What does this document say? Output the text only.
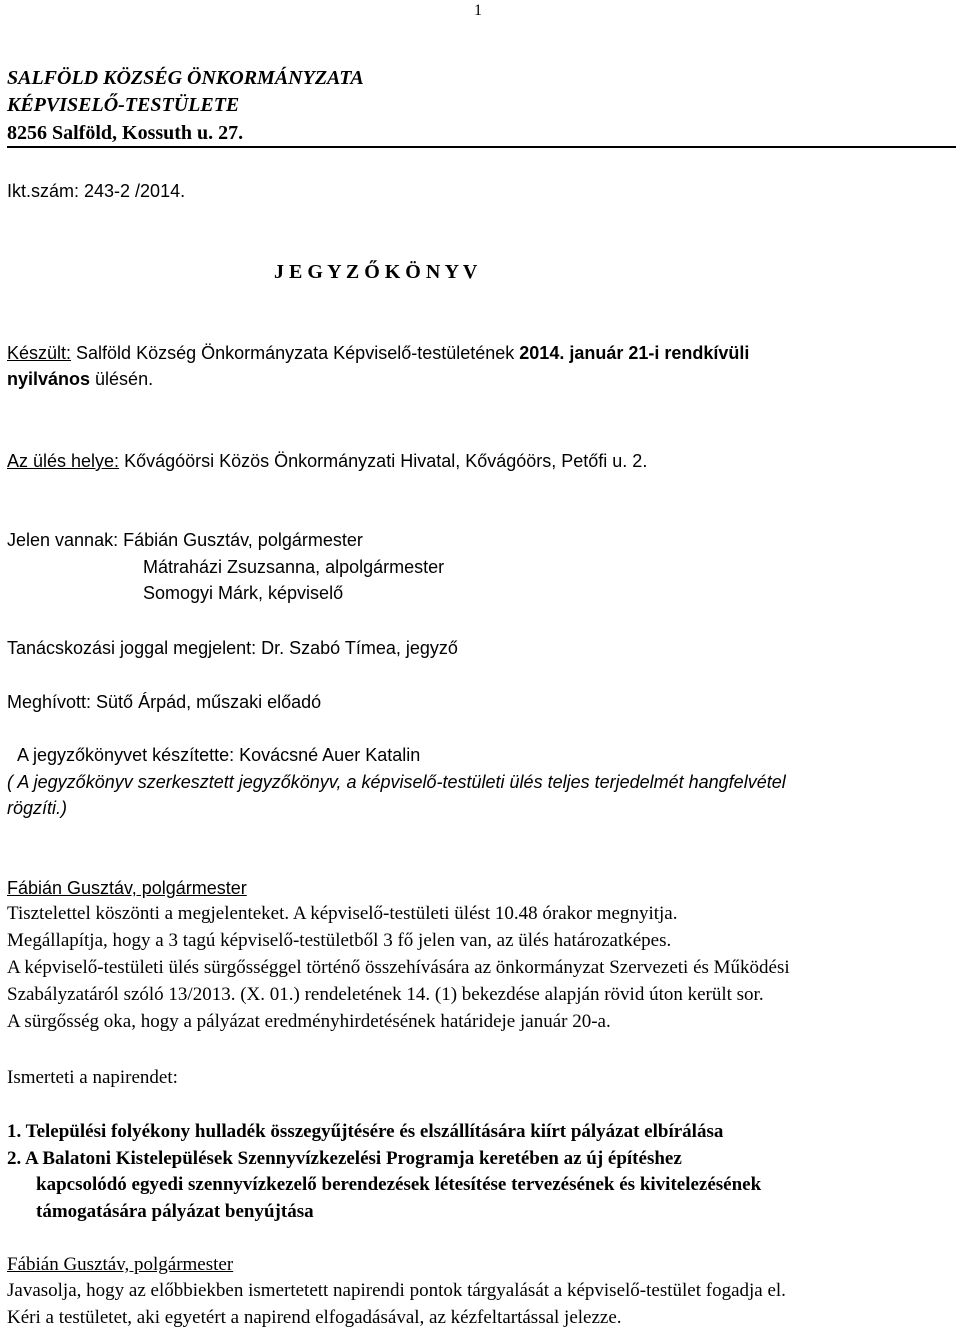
1
SALFÖLD KÖZSÉG ÖNKORMÁNYZATA
KÉPVISELŐ-TESTÜLETE
8256 Salföld, Kossuth u. 27.
Ikt.szám: 243-2 /2014.
J E G Y Z Ő K Ö N Y V
Készült: Salföld Község Önkormányzata Képviselő-testületének 2014. január 21-i rendkívüli
nyilvános ülésén.
Az ülés helye: Kővágóörsi Közös Önkormányzati Hivatal, Kővágóörs, Petőfi u. 2.
Jelen vannak: Fábián Gusztáv, polgármester
Mátraházi Zsuzsanna, alpolgármester
Somogyi Márk, képviselő
Tanácskozási joggal megjelent: Dr. Szabó Tímea, jegyző
Meghívott: Sütő Árpád, műszaki előadó
A jegyzőkönyvet készítette: Kovácsné Auer Katalin
( A jegyzőkönyv szerkesztett jegyzőkönyv, a képviselő-testületi ülés teljes terjedelmét hangfelvétel
rögzíti.)
Fábián Gusztáv, polgármester
Tisztelettel köszönti a megjelenteket. A képviselő-testületi ülést 10.48 órakor megnyitja.
Megállapítja, hogy a 3 tagú képviselő-testületből 3 fő jelen van, az ülés határozatképes.
A képviselő-testületi ülés sürgősséggel történő összehívására az önkormányzat Szervezeti és Működési
Szabályzatáról szóló 13/2013. (X. 01.) rendeletének 14. (1) bekezdése alapján rövid úton került sor.
A sürgősség oka, hogy a pályázat eredményhirdetésének határideje január 20-a.
Ismerteti a napirendet:
1. Települési folyékony hulladék összegyűjtésére és elszállítására kiírt pályázat elbírálása
2. A Balatoni Kistelepülések Szennyvízkezelési Programja keretében az új építéshez
kapcsolódó egyedi szennyvízkezelő berendezések létesítése tervezésének és kivitelezésének
támogatására pályázat benyújtása
Fábián Gusztáv, polgármester
Javasolja, hogy az előbbiekben ismertetett napirendi pontok tárgyalását a képviselő-testület fogadja el.
Kéri a testületet, aki egyetért a napirend elfogadásával, az kézfeltartással jelezze.
